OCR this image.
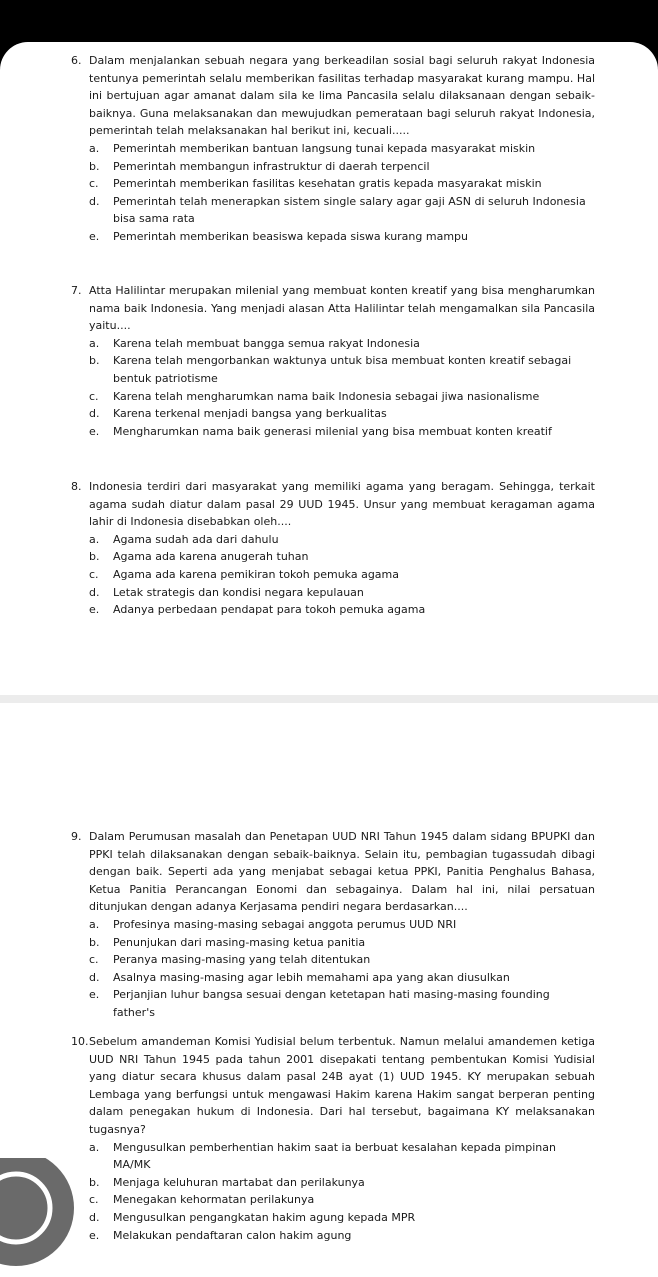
6. Dalam menjalankan sebuah negara yang berkeadilan sosial bagi seluruh rakyat Indonesia tentunya pemerintah selalu memberikan fasilitas terhadap masyarakat kurang mampu. Hal ini bertujuan agar amanat dalam sila ke lima Pancasila selalu dilaksanaan dengan sebaik-baiknya. Guna melaksanakan dan mewujudkan pemerataan bagi seluruh rakyat Indonesia, pemerintah telah melaksanakan hal berikut ini, kecuali.....
a. Pemerintah memberikan bantuan langsung tunai kepada masyarakat miskin
b. Pemerintah membangun infrastruktur di daerah terpencil
c. Pemerintah memberikan fasilitas kesehatan gratis kepada masyarakat miskin
d. Pemerintah telah menerapkan sistem single salary agar gaji ASN di seluruh Indonesia bisa sama rata
e. Pemerintah memberikan beasiswa kepada siswa kurang mampu
7. Atta Halilintar merupakan milenial yang membuat konten kreatif yang bisa mengharumkan nama baik Indonesia. Yang menjadi alasan Atta Halilintar telah mengamalkan sila Pancasila yaitu....
a. Karena telah membuat bangga semua rakyat Indonesia
b. Karena telah mengorbankan waktunya untuk bisa membuat konten kreatif sebagai bentuk patriotisme
c. Karena telah mengharumkan nama baik Indonesia sebagai jiwa nasionalisme
d. Karena terkenal menjadi bangsa yang berkualitas
e. Mengharumkan nama baik generasi milenial yang bisa membuat konten kreatif
8. Indonesia terdiri dari masyarakat yang memiliki agama yang beragam. Sehingga, terkait agama sudah diatur dalam pasal 29 UUD 1945. Unsur yang membuat keragaman agama lahir di Indonesia disebabkan oleh....
a. Agama sudah ada dari dahulu
b. Agama ada karena anugerah tuhan
c. Agama ada karena pemikiran tokoh pemuka agama
d. Letak strategis dan kondisi negara kepulauan
e. Adanya perbedaan pendapat para tokoh pemuka agama
9. Dalam Perumusan masalah dan Penetapan UUD NRI Tahun 1945 dalam sidang BPUPKI dan PPKI telah dilaksanakan dengan sebaik-baiknya. Selain itu, pembagian tugassudah dibagi dengan baik. Seperti ada yang menjabat sebagai ketua PPKI, Panitia Penghalus Bahasa, Ketua Panitia Perancangan Eonomi dan sebagainya. Dalam hal ini, nilai persatuan ditunjukan dengan adanya Kerjasama pendiri negara berdasarkan....
a. Profesinya masing-masing sebagai anggota perumus UUD NRI
b. Penunjukan dari masing-masing ketua panitia
c. Peranya masing-masing yang telah ditentukan
d. Asalnya masing-masing agar lebih memahami apa yang akan diusulkan
e. Perjanjian luhur bangsa sesuai dengan ketetapan hati masing-masing founding father's
10. Sebelum amandeman Komisi Yudisial belum terbentuk. Namun melalui amandemen ketiga UUD NRI Tahun 1945 pada tahun 2001 disepakati tentang pembentukan Komisi Yudisial yang diatur secara khusus dalam pasal 24B ayat (1) UUD 1945. KY merupakan sebuah Lembaga yang berfungsi untuk mengawasi Hakim karena Hakim sangat berperan penting dalam penegakan hukum di Indonesia. Dari hal tersebut, bagaimana KY melaksanakan tugasnya?
a. Mengusulkan pemberhentian hakim saat ia berbuat kesalahan kepada pimpinan MA/MK
b. Menjaga keluhuran martabat dan perilakunya
c. Menegakan kehormatan perilakunya
d. Mengusulkan pengangkatan hakim agung kepada MPR
e. Melakukan pendaftaran calon hakim agung
